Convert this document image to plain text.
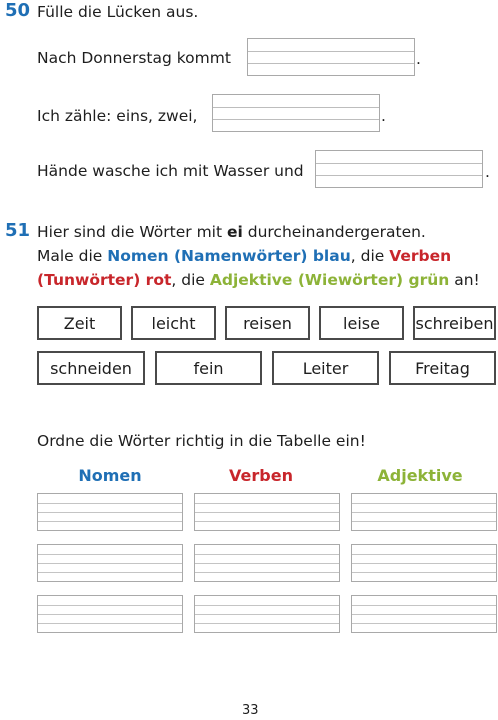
50 Fülle die Lücken aus.
Nach Donnerstag kommt	.
Ich zähle: eins, zwei,	.
Hände wasche ich mit Wasser und	.
51 Hier sind die Wörter mit ei durcheinandergeraten.
Male die Nomen (Namenwörter) blau, die Verben
(Tunwörter) rot, die Adjektive (Wiewörter) grün an!
Zeit	leicht	reisen	leise	schreiben
schneiden	fein	Leiter	Freitag
Ordne die Wörter richtig in die Tabelle ein!
Nomen	Verben	Adjektive
33
